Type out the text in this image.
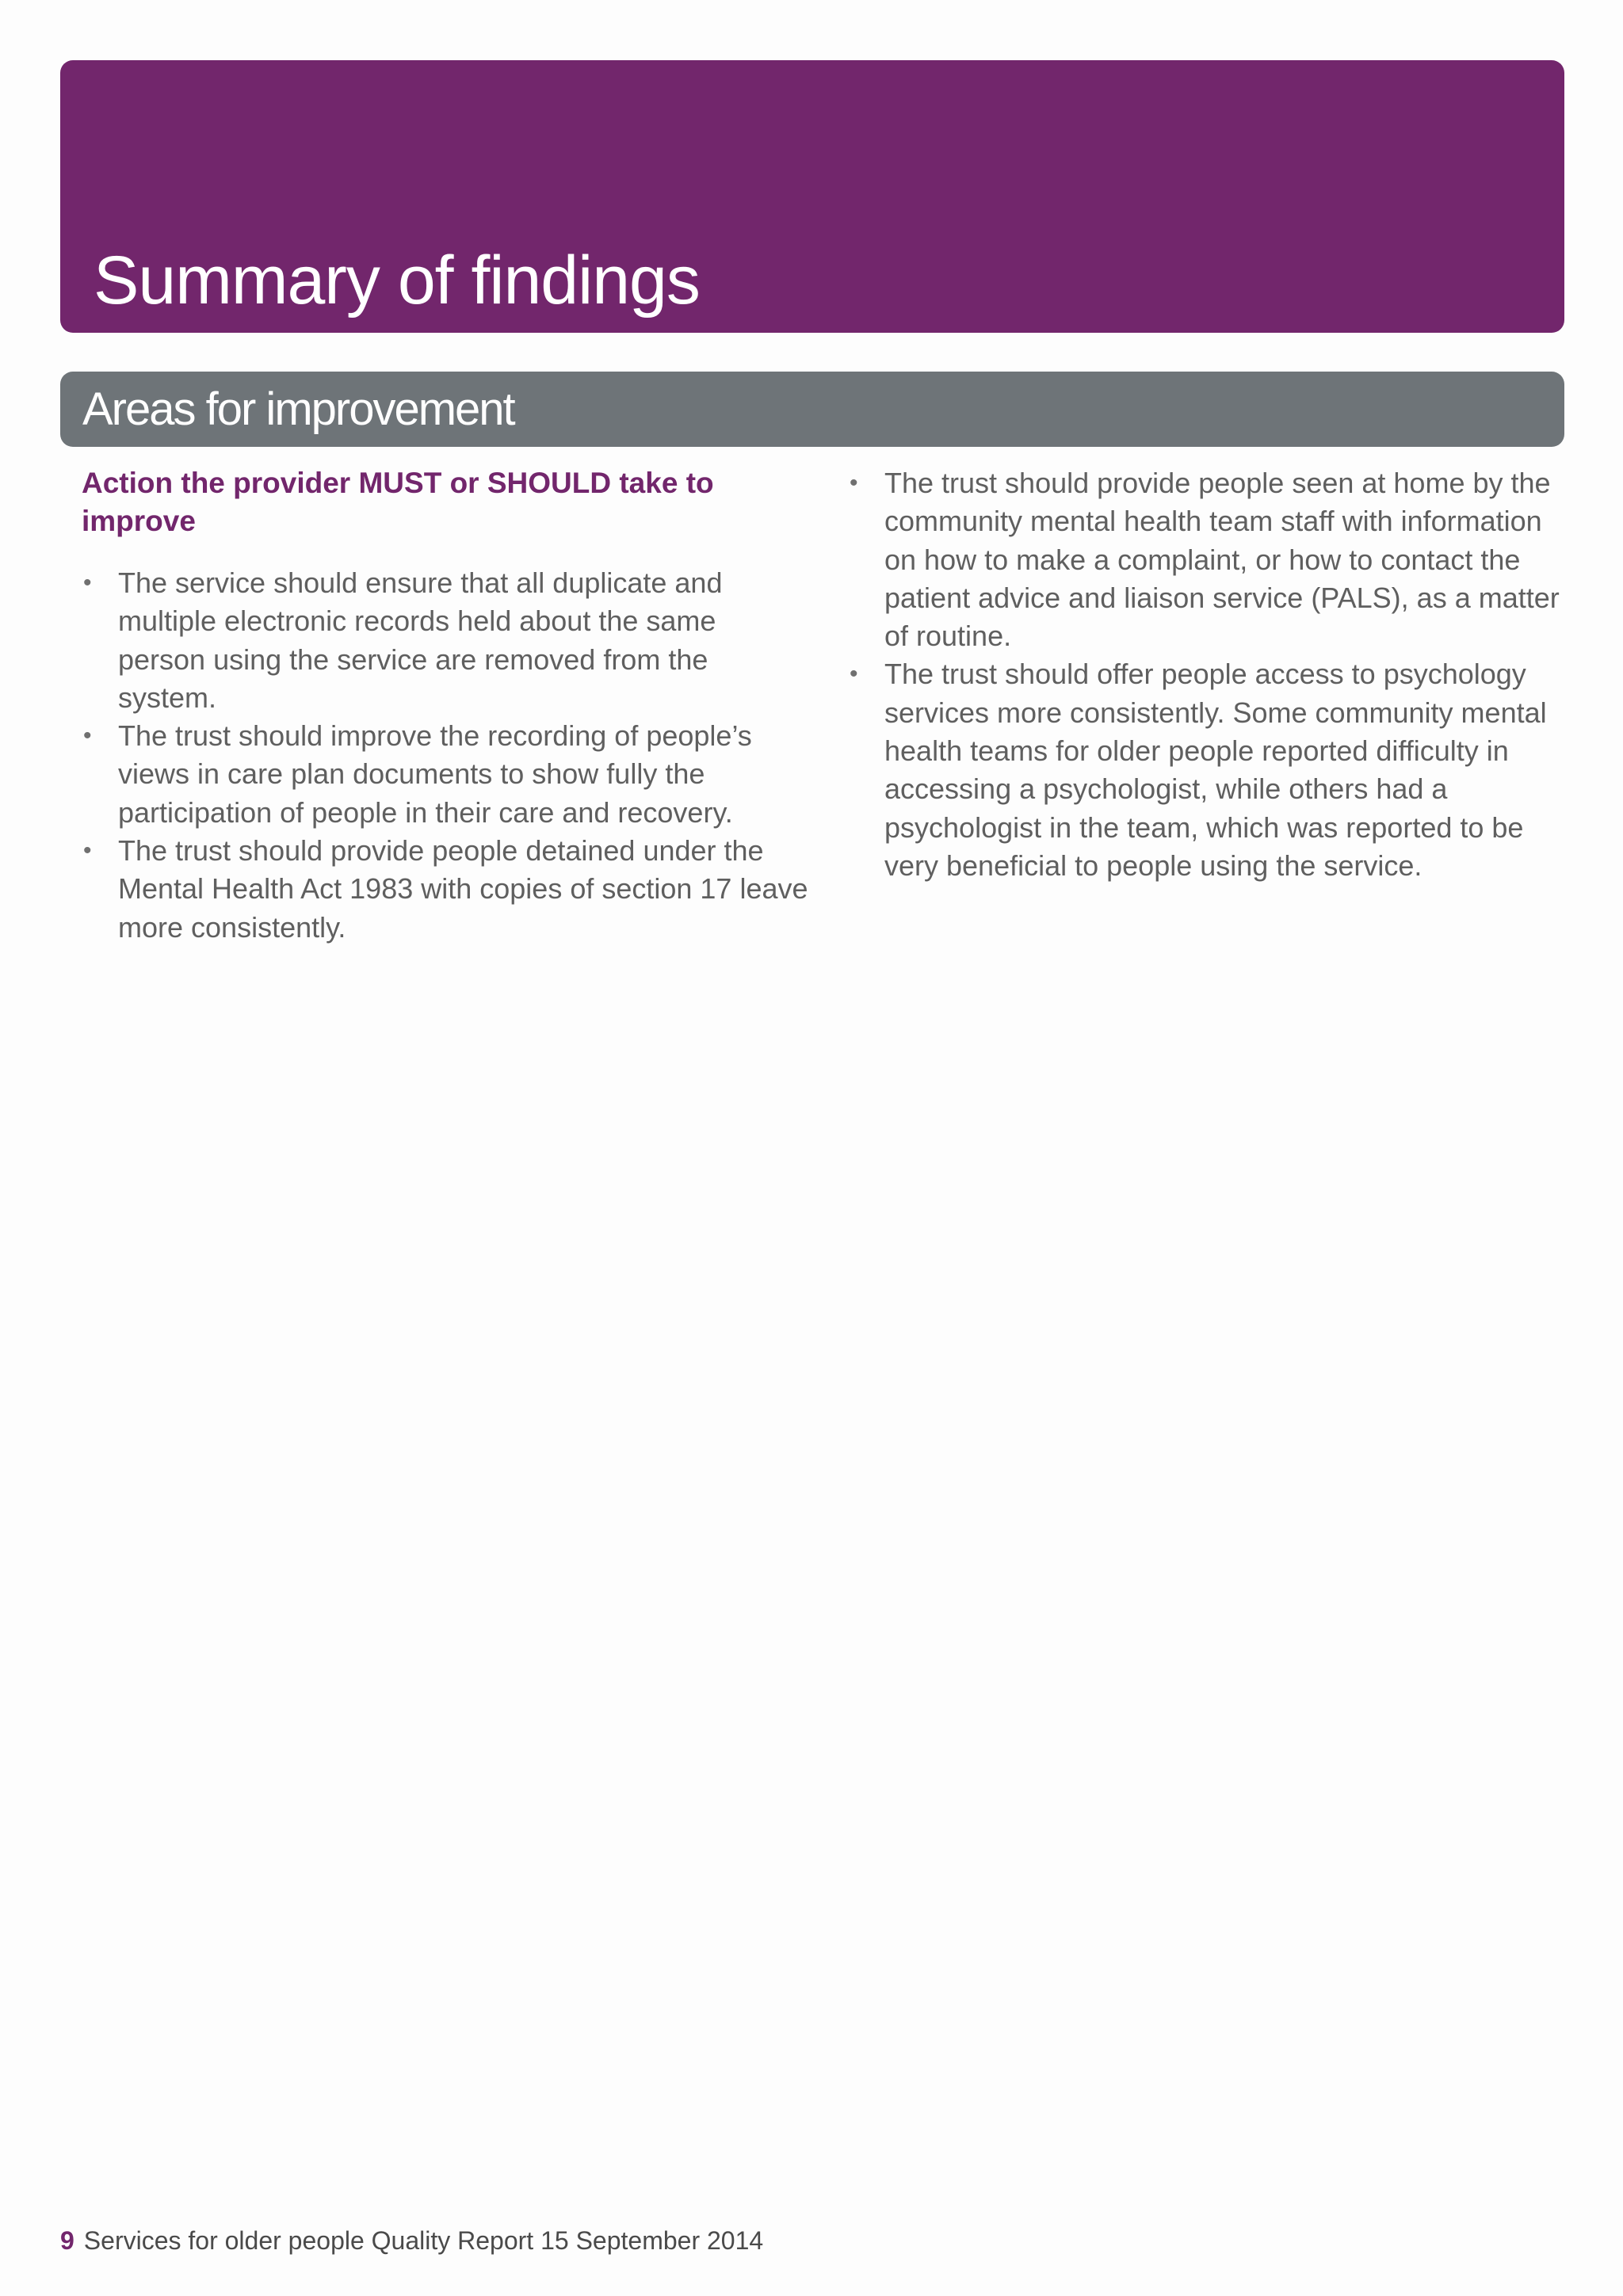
Summary of findings
Areas for improvement
Action the provider MUST or SHOULD take to improve
• The service should ensure that all duplicate and multiple electronic records held about the same person using the service are removed from the system.
• The trust should improve the recording of people’s views in care plan documents to show fully the participation of people in their care and recovery.
• The trust should provide people detained under the Mental Health Act 1983 with copies of section 17 leave more consistently.
• The trust should provide people seen at home by the community mental health team staff with information on how to make a complaint, or how to contact the patient advice and liaison service (PALS), as a matter of routine.
• The trust should offer people access to psychology services more consistently. Some community mental health teams for older people reported difficulty in accessing a psychologist, while others had a psychologist in the team, which was reported to be very beneficial to people using the service.
9 Services for older people Quality Report 15 September 2014
